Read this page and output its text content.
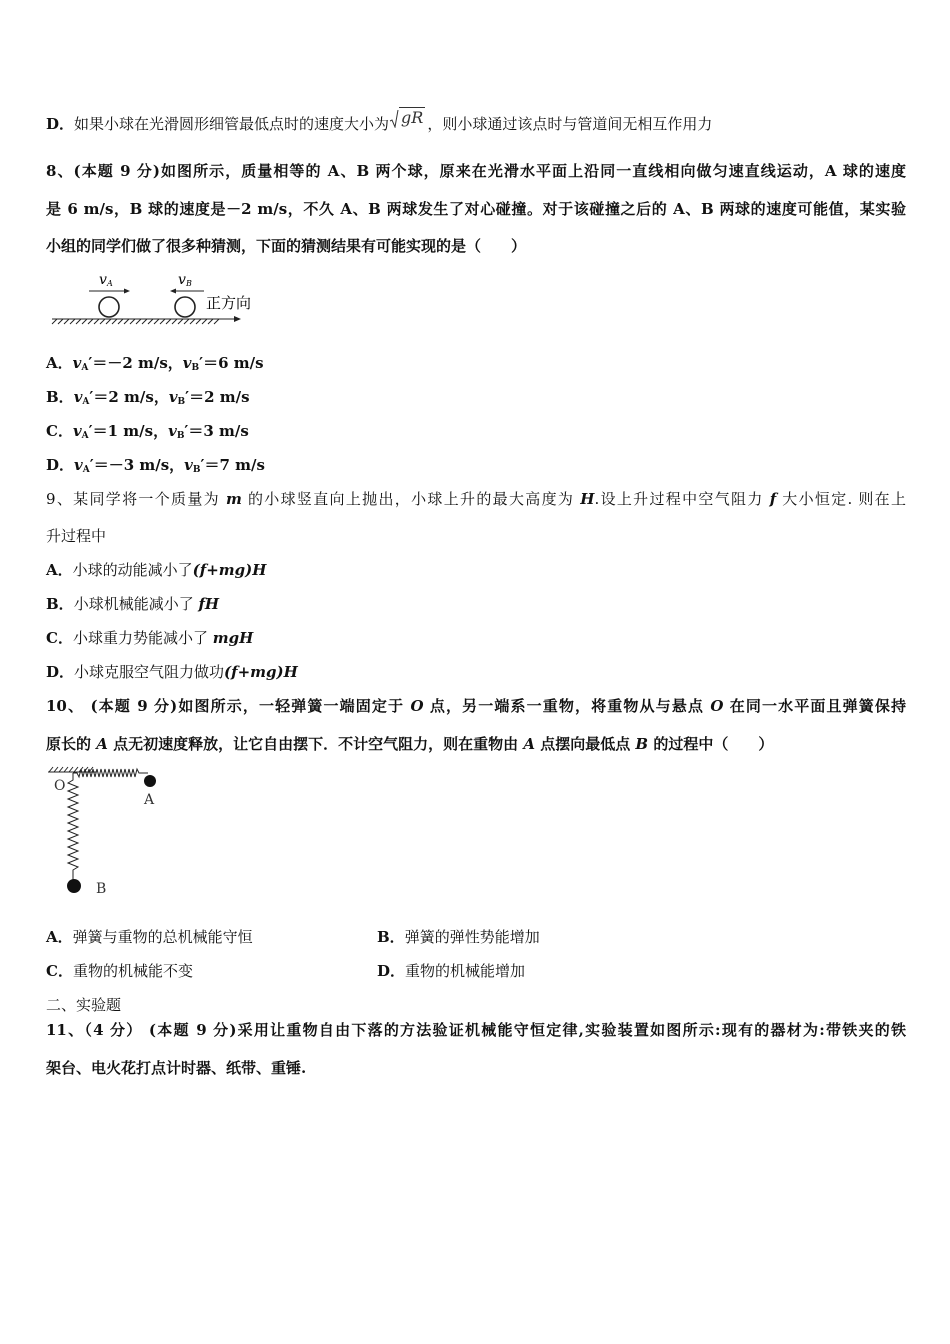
D．如果小球在光滑圆形细管最低点时的速度大小为 gR ，则小球通过该点时与管道间无相互作用力
8、(本题 9 分)如图所示，质量相等的 A、B 两个球，原来在光滑水平面上沿同一直线相向做匀速直线运动，A 球的速度
是 6 m/s，B 球的速度是－2 m/s，不久 A、B 两球发生了对心碰撞。对于该碰撞之后的 A、B 两球的速度可能值，某实验
小组的同学们做了很多种猜测，下面的猜测结果有可能实现的是（　　）
v A	v B
正方向
A．$v_A'=-2$ m/s，$v_B'=6$ m/s
B．$v_A'=2$ m/s，$v_B'=2$ m/s
C．$v_A'=1$ m/s，$v_B'=3$ m/s
D．$v_A'=-3$ m/s，$v_B'=7$ m/s
9、某同学将一个质量为 m 的小球竖直向上抛出，小球上升的最大高度为 H.设上升过程中空气阻力 f 大小恒定. 则在上
升过程中
A．小球的动能减小了(f+mg)H
B．小球机械能减小了 fH
C．小球重力势能减小了 mgH
D．小球克服空气阻力做功(f+mg)H
10、 (本题 9 分)如图所示，一轻弹簧一端固定于 O 点，另一端系一重物，将重物从与悬点 O 在同一水平面且弹簧保持
原长的 A 点无初速度释放，让它自由摆下．不计空气阻力，则在重物由 A 点摆向最低点 B 的过程中（　　）
O
A
B
A．弹簧与重物的总机械能守恒	B．弹簧的弹性势能增加
C．重物的机械能不变	D．重物的机械能增加
二、实验题
11、（4 分） (本题 9 分)采用让重物自由下落的方法验证机械能守恒定律,实验装置如图所示:现有的器材为:带铁夹的铁
架台、电火花打点计时器、纸带、重锤.
